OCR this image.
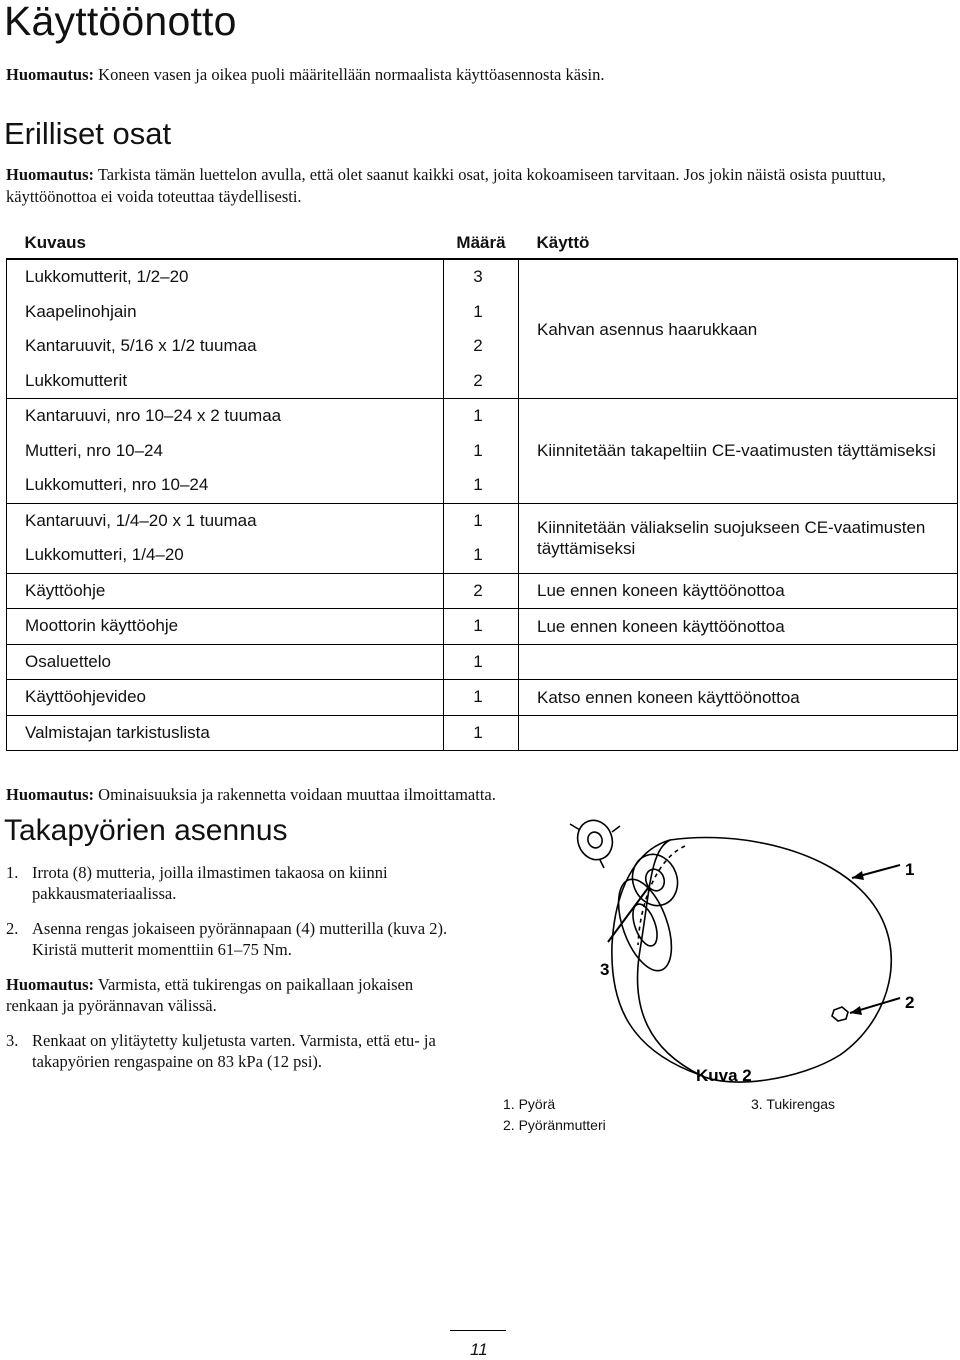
Käyttöönotto
Huomautus: Koneen vasen ja oikea puoli määritellään normaalista käyttöasennosta käsin.
Erilliset osat
Huomautus: Tarkista tämän luettelon avulla, että olet saanut kaikki osat, joita kokoamiseen tarvitaan. Jos jokin näistä osista puuttuu, käyttöönottoa ei voida toteuttaa täydellisesti.
Kuvaus	Määrä	Käyttö
Lukkomutterit, 1/2–20	3	Kahvan asennus haarukkaan
Kaapelinohjain	1	
Kantaruuvit, 5/16 x 1/2 tuumaa	2	
Lukkomutterit	2	
Kantaruuvi, nro 10–24 x 2 tuumaa	1	Kiinnitetään takapeltiin CE-vaatimusten täyttämiseksi
Mutteri, nro 10–24	1	
Lukkomutteri, nro 10–24	1	
Kantaruuvi, 1/4–20 x 1 tuumaa	1	Kiinnitetään väliakselin suojukseen CE-vaatimusten täyttämiseksi
Lukkomutteri, 1/4–20	1	
Käyttöohje	2	Lue ennen koneen käyttöönottoa
Moottorin käyttöohje	1	Lue ennen koneen käyttöönottoa
Osaluettelo	1	
Käyttöohjevideo	1	Katso ennen koneen käyttöönottoa
Valmistajan tarkistuslista	1	
Huomautus: Ominaisuuksia ja rakennetta voidaan muuttaa ilmoittamatta.
Takapyörien asennus
1. Irrota (8) mutteria, joilla ilmastimen takaosa on kiinni pakkausmateriaalissa.
2. Asenna rengas jokaiseen pyörännapaan (4) mutterilla (kuva 2). Kiristä mutterit momenttiin 61–75 Nm.
Huomautus: Varmista, että tukirengas on paikallaan jokaisen renkaan ja pyörännavan välissä.
3. Renkaat on ylitäytetty kuljetusta varten. Varmista, että etu- ja takapyörien rengaspaine on 83 kPa (12 psi).
1
2
3
Kuva 2
1. Pyörä
2. Pyöränmutteri
3. Tukirengas
11
